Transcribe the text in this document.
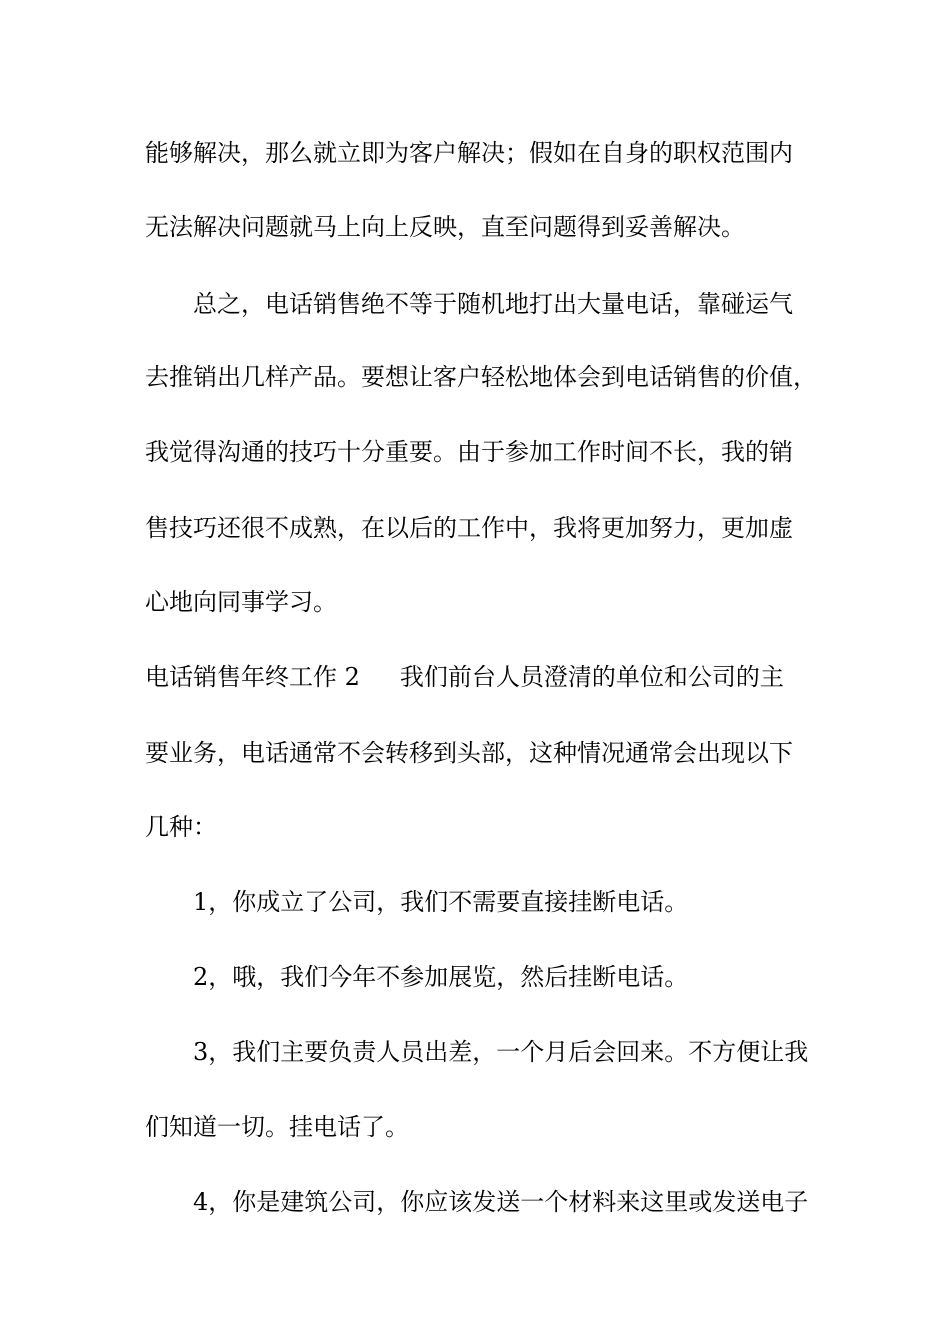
能够解决，那么就立即为客户解决；假如在自身的职权范围内
无法解决问题就马上向上反映，直至问题得到妥善解决。
总之，电话销售绝不等于随机地打出大量电话，靠碰运气
去推销出几样产品。要想让客户轻松地体会到电话销售的价值，
我觉得沟通的技巧十分重要。由于参加工作时间不长，我的销
售技巧还很不成熟，在以后的工作中，我将更加努力，更加虚
心地向同事学习。
电话销售年终工作 2 我们前台人员澄清的单位和公司的主
要业务，电话通常不会转移到头部，这种情况通常会出现以下
几种：
1，你成立了公司，我们不需要直接挂断电话。
2，哦，我们今年不参加展览，然后挂断电话。
3，我们主要负责人员出差，一个月后会回来。不方便让我
们知道一切。挂电话了。
4，你是建筑公司，你应该发送一个材料来这里或发送电子
